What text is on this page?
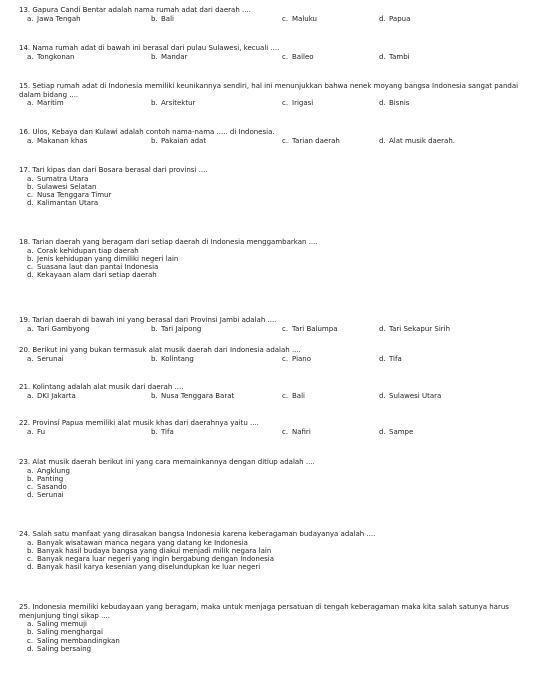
13. Gapura Candi Bentar adalah nama rumah adat dari daerah ....

a. Jawa Tengah	b. Bali	c. Maluku	d. Papua

14. Nama rumah adat di bawah ini berasal dari pulau Sulawesi, kecuali ....

a. Tongkonan	b. Mandar	c. Baileo	d. Tambi

15. Setiap rumah adat di Indonesia memiliki keunikannya sendiri, hal ini menunjukkan bahwa nenek moyang bangsa Indonesia sangat pandai dalam bidang ....

a. Maritim	b. Arsitektur	c. Irigasi	d. Bisnis

16. Ulos, Kebaya dan Kulawi adalah contoh nama-nama ..... di Indonesia.

a. Makanan khas	b. Pakaian adat	c. Tarian daerah	d. Alat musik daerah.

17. Tari kipas dan dari Bosara berasal dari provinsi ....

a. Sumatra Utara
b. Sulawesi Selatan
c. Nusa Tenggara Timur
d. Kalimantan Utara

18. Tarian daerah yang beragam dari setiap daerah di Indonesia menggambarkan ....

a. Corak kehidupan tiap daerah
b. Jenis kehidupan yang dimiliki negeri lain
c. Suasana laut dan pantai Indonesia
d. Kekayaan alam dari setiap daerah

19. Tarian daerah di bawah ini yang berasal dari Provinsi Jambi adalah ....

a. Tari Gambyong	b. Tari Jaipong	c. Tari Balumpa	d. Tari Sekapur Sirih

20. Berikut ini yang bukan termasuk alat musik daerah dari Indonesia adalah ....

a. Serunai	b. Kolintang	c. Piano	d. Tifa

21. Kolintang adalah alat musik dari daerah ....

a. DKI Jakarta	b. Nusa Tenggara Barat	c. Bali	d. Sulawesi Utara

22. Provinsi Papua memiliki alat musik khas dari daerahnya yaitu ....

a. Fu	b. Tifa	c. Nafiri	d. Sampe

23. Alat musik daerah berikut ini yang cara memainkannya dengan ditiup adalah ....

a. Angklung
b. Panting
c. Sasando
d. Serunai

24. Salah satu manfaat yang dirasakan bangsa Indonesia karena keberagaman budayanya adalah ....

a. Banyak wisatawan manca negara yang datang ke Indonesia
b. Banyak hasil budaya bangsa yang diakui menjadi milik negara lain
c. Banyak negara luar negeri yang ingin bergabung dengan Indonesia
d. Banyak hasil karya kesenian yang diselundupkan ke luar negeri

25. Indonesia memiliki kebudayaan yang beragam, maka untuk menjaga persatuan di tengah keberagaman maka kita salah satunya harus menjunjung tingi sikap ....

a. Saling memuji
b. Saling menghargai
c. Saling membandingkan
d. Saling bersaing
